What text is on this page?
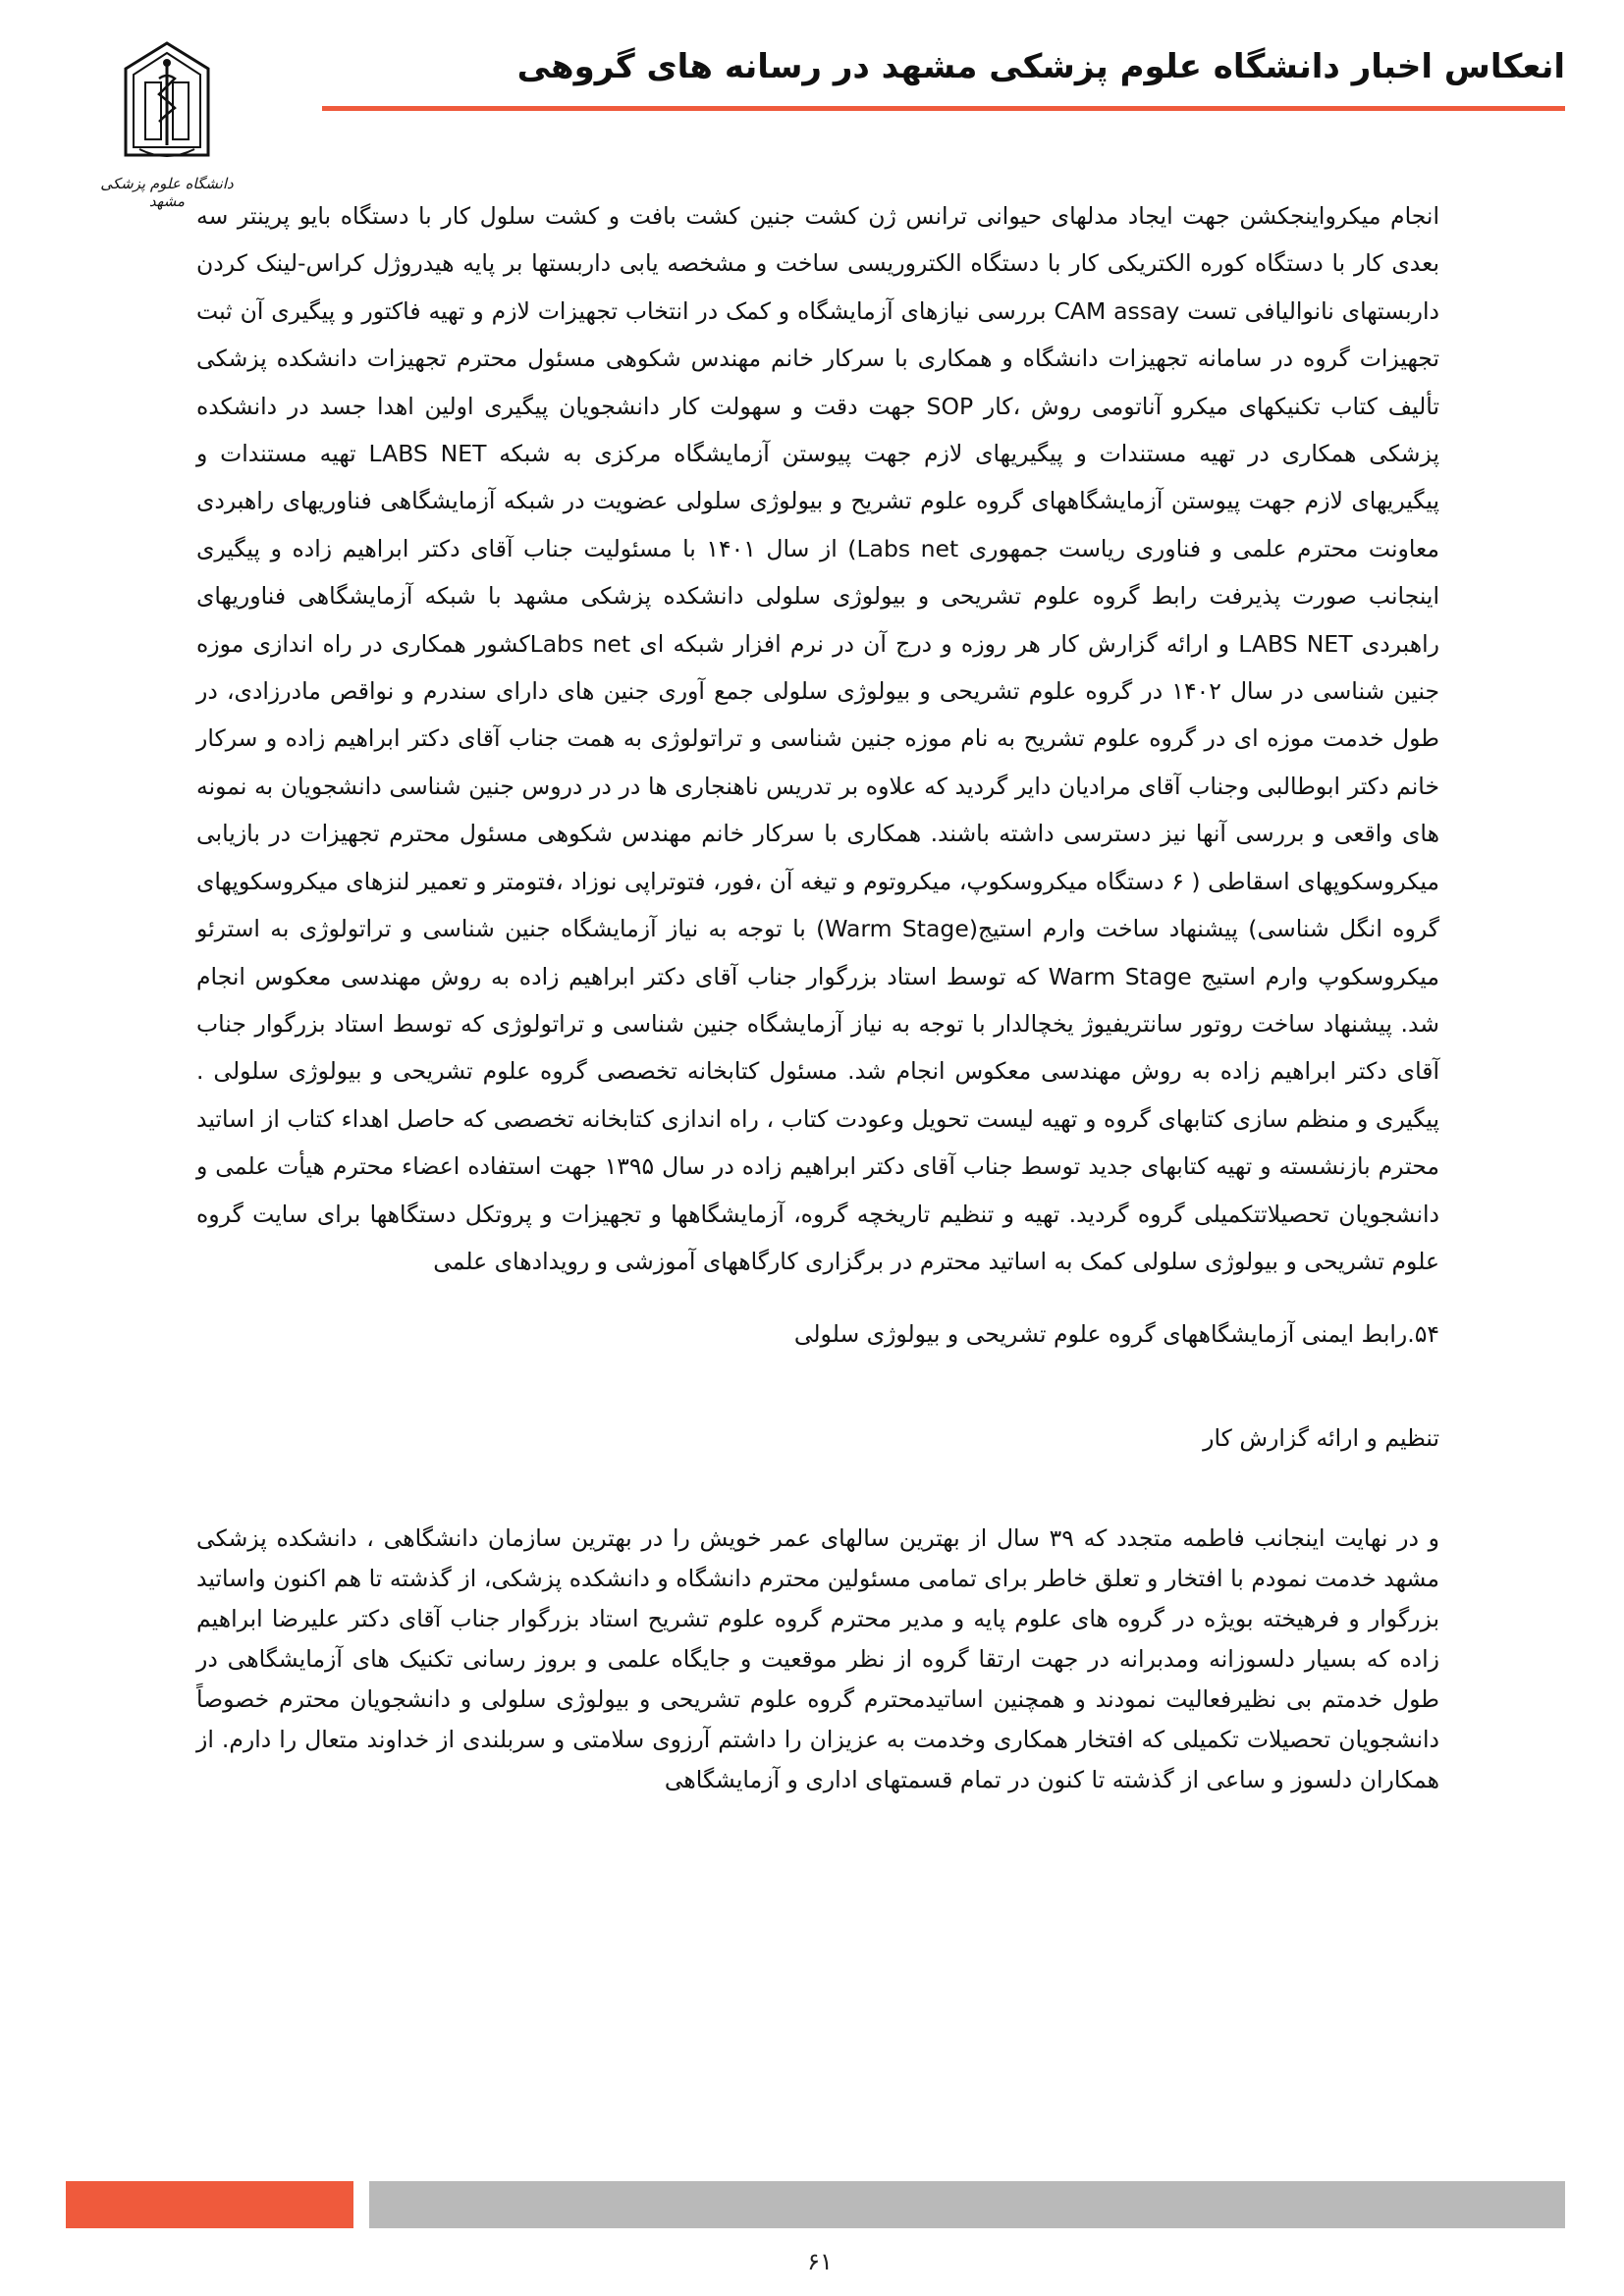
دانشگاه علوم پزشکی مشهد
انعکاس اخبار دانشگاه علوم پزشکی مشهد در رسانه های گروهی

انجام میکرواینجکشن جهت ایجاد مدلهای حیوانی ترانس ژن کشت جنین کشت بافت و کشت سلول کار با دستگاه بایو پرینتر سه بعدی کار با دستگاه کوره الکتریکی کار با دستگاه الکتروریسی ساخت و مشخصه یابی داربستها بر پایه هیدروژل کراس-لینک کردن داربستهای نانوالیافی تست CAM assay بررسی نیازهای آزمایشگاه و کمک در انتخاب تجهیزات لازم و تهیه فاکتور و پیگیری آن ثبت تجهیزات گروه در سامانه تجهیزات دانشگاه و همکاری با سرکار خانم مهندس شکوهی مسئول محترم تجهیزات دانشکده پزشکی تألیف کتاب تکنیکهای میکرو آناتومی روش ،کار SOP جهت دقت و سهولت کار دانشجویان پیگیری اولین اهدا جسد در دانشکده پزشکی همکاری در تهیه مستندات و پیگیریهای لازم جهت پیوستن آزمایشگاه مرکزی به شبکه LABS NET تهیه مستندات و پیگیریهای لازم جهت پیوستن آزمایشگاههای گروه علوم تشریح و بیولوژی سلولی عضویت در شبکه آزمایشگاهی فناوریهای راهبردی معاونت محترم علمی و فناوری ریاست جمهوری Labs net) از سال ۱۴۰۱ با مسئولیت جناب آقای دکتر ابراهیم زاده و پیگیری اینجانب صورت پذیرفت رابط گروه علوم تشریحی و بیولوژی سلولی دانشکده پزشکی مشهد با شبکه آزمایشگاهی فناوریهای راهبردی LABS NET و ارائه گزارش کار هر روزه و درج آن در نرم افزار شبکه ای Labs netکشور همکاری در راه اندازی موزه جنین شناسی در سال ۱۴۰۲ در گروه علوم تشریحی و بیولوژی سلولی جمع آوری جنین های دارای سندرم و نواقص مادرزادی، در طول خدمت موزه ای در گروه علوم تشریح به نام موزه جنین شناسی و تراتولوژی به همت جناب آقای دکتر ابراهیم زاده و سرکار خانم دکتر ابوطالبی وجناب آقای مرادیان دایر گردید که علاوه بر تدریس ناهنجاری ها در در دروس جنین شناسی دانشجویان به نمونه های واقعی و بررسی آنها نیز دسترسی داشته باشند. همکاری با سرکار خانم مهندس شکوهی مسئول محترم تجهیزات در بازیابی میکروسکوپهای اسقاطی ( ۶ دستگاه میکروسکوپ، میکروتوم و تیغه آن ،فور، فتوتراپی نوزاد ،فتومتر و تعمیر لنزهای میکروسکوپهای گروه انگل شناسی) پیشنهاد ساخت وارم استیج(Warm Stage) با توجه به نیاز آزمایشگاه جنین شناسی و تراتولوژی به استرئو میکروسکوپ وارم استیج Warm Stage که توسط استاد بزرگوار جناب آقای دکتر ابراهیم زاده به روش مهندسی معکوس انجام شد. پیشنهاد ساخت روتور سانتریفیوژ یخچالدار با توجه به نیاز آزمایشگاه جنین شناسی و تراتولوژی که توسط استاد بزرگوار جناب آقای دکتر ابراهیم زاده به روش مهندسی معکوس انجام شد. مسئول کتابخانه تخصصی گروه علوم تشریحی و بیولوژی سلولی . پیگیری و منظم سازی کتابهای گروه و تهیه لیست تحویل وعودت کتاب ، راه اندازی کتابخانه تخصصی که حاصل اهداء کتاب از اساتید محترم بازنشسته و تهیه کتابهای جدید توسط جناب آقای دکتر ابراهیم زاده در سال ۱۳۹۵ جهت استفاده اعضاء محترم هیأت علمی و دانشجویان تحصیلاتتکمیلی گروه گردید. تهیه و تنظیم تاریخچه گروه، آزمایشگاهها و تجهیزات و پروتکل دستگاهها برای سایت گروه علوم تشریحی و بیولوژی سلولی کمک به اساتید محترم در برگزاری کارگاههای آموزشی و رویدادهای علمی

۵۴.رابط ایمنی آزمایشگاههای گروه علوم تشریحی و بیولوژی سلولی

تنظیم و ارائه گزارش کار

و در نهایت اینجانب فاطمه متجدد که ۳۹ سال از بهترین سالهای عمر خویش را در بهترین سازمان دانشگاهی ، دانشکده پزشکی مشهد خدمت نمودم با افتخار و تعلق خاطر برای تمامی مسئولین محترم دانشگاه و دانشکده پزشکی، از گذشته تا هم اکنون واساتید بزرگوار و فرهیخته بویژه در گروه های علوم پایه و مدیر محترم گروه علوم تشریح استاد بزرگوار جناب آقای دکتر علیرضا ابراهیم زاده که بسیار دلسوزانه ومدبرانه در جهت ارتقا گروه از نظر موقعیت و جایگاه علمی و بروز رسانی تکنیک های آزمایشگاهی در طول خدمتم بی نظیرفعالیت نمودند و همچنین اساتیدمحترم گروه علوم تشریحی و بیولوژی سلولی و دانشجویان محترم خصوصاً دانشجویان تحصیلات تکمیلی که افتخار همکاری وخدمت به عزیزان را داشتم آرزوی سلامتی و سربلندی از خداوند متعال را دارم. از همکاران دلسوز و ساعی از گذشته تا کنون در تمام قسمتهای اداری و آزمایشگاهی

۶۱
